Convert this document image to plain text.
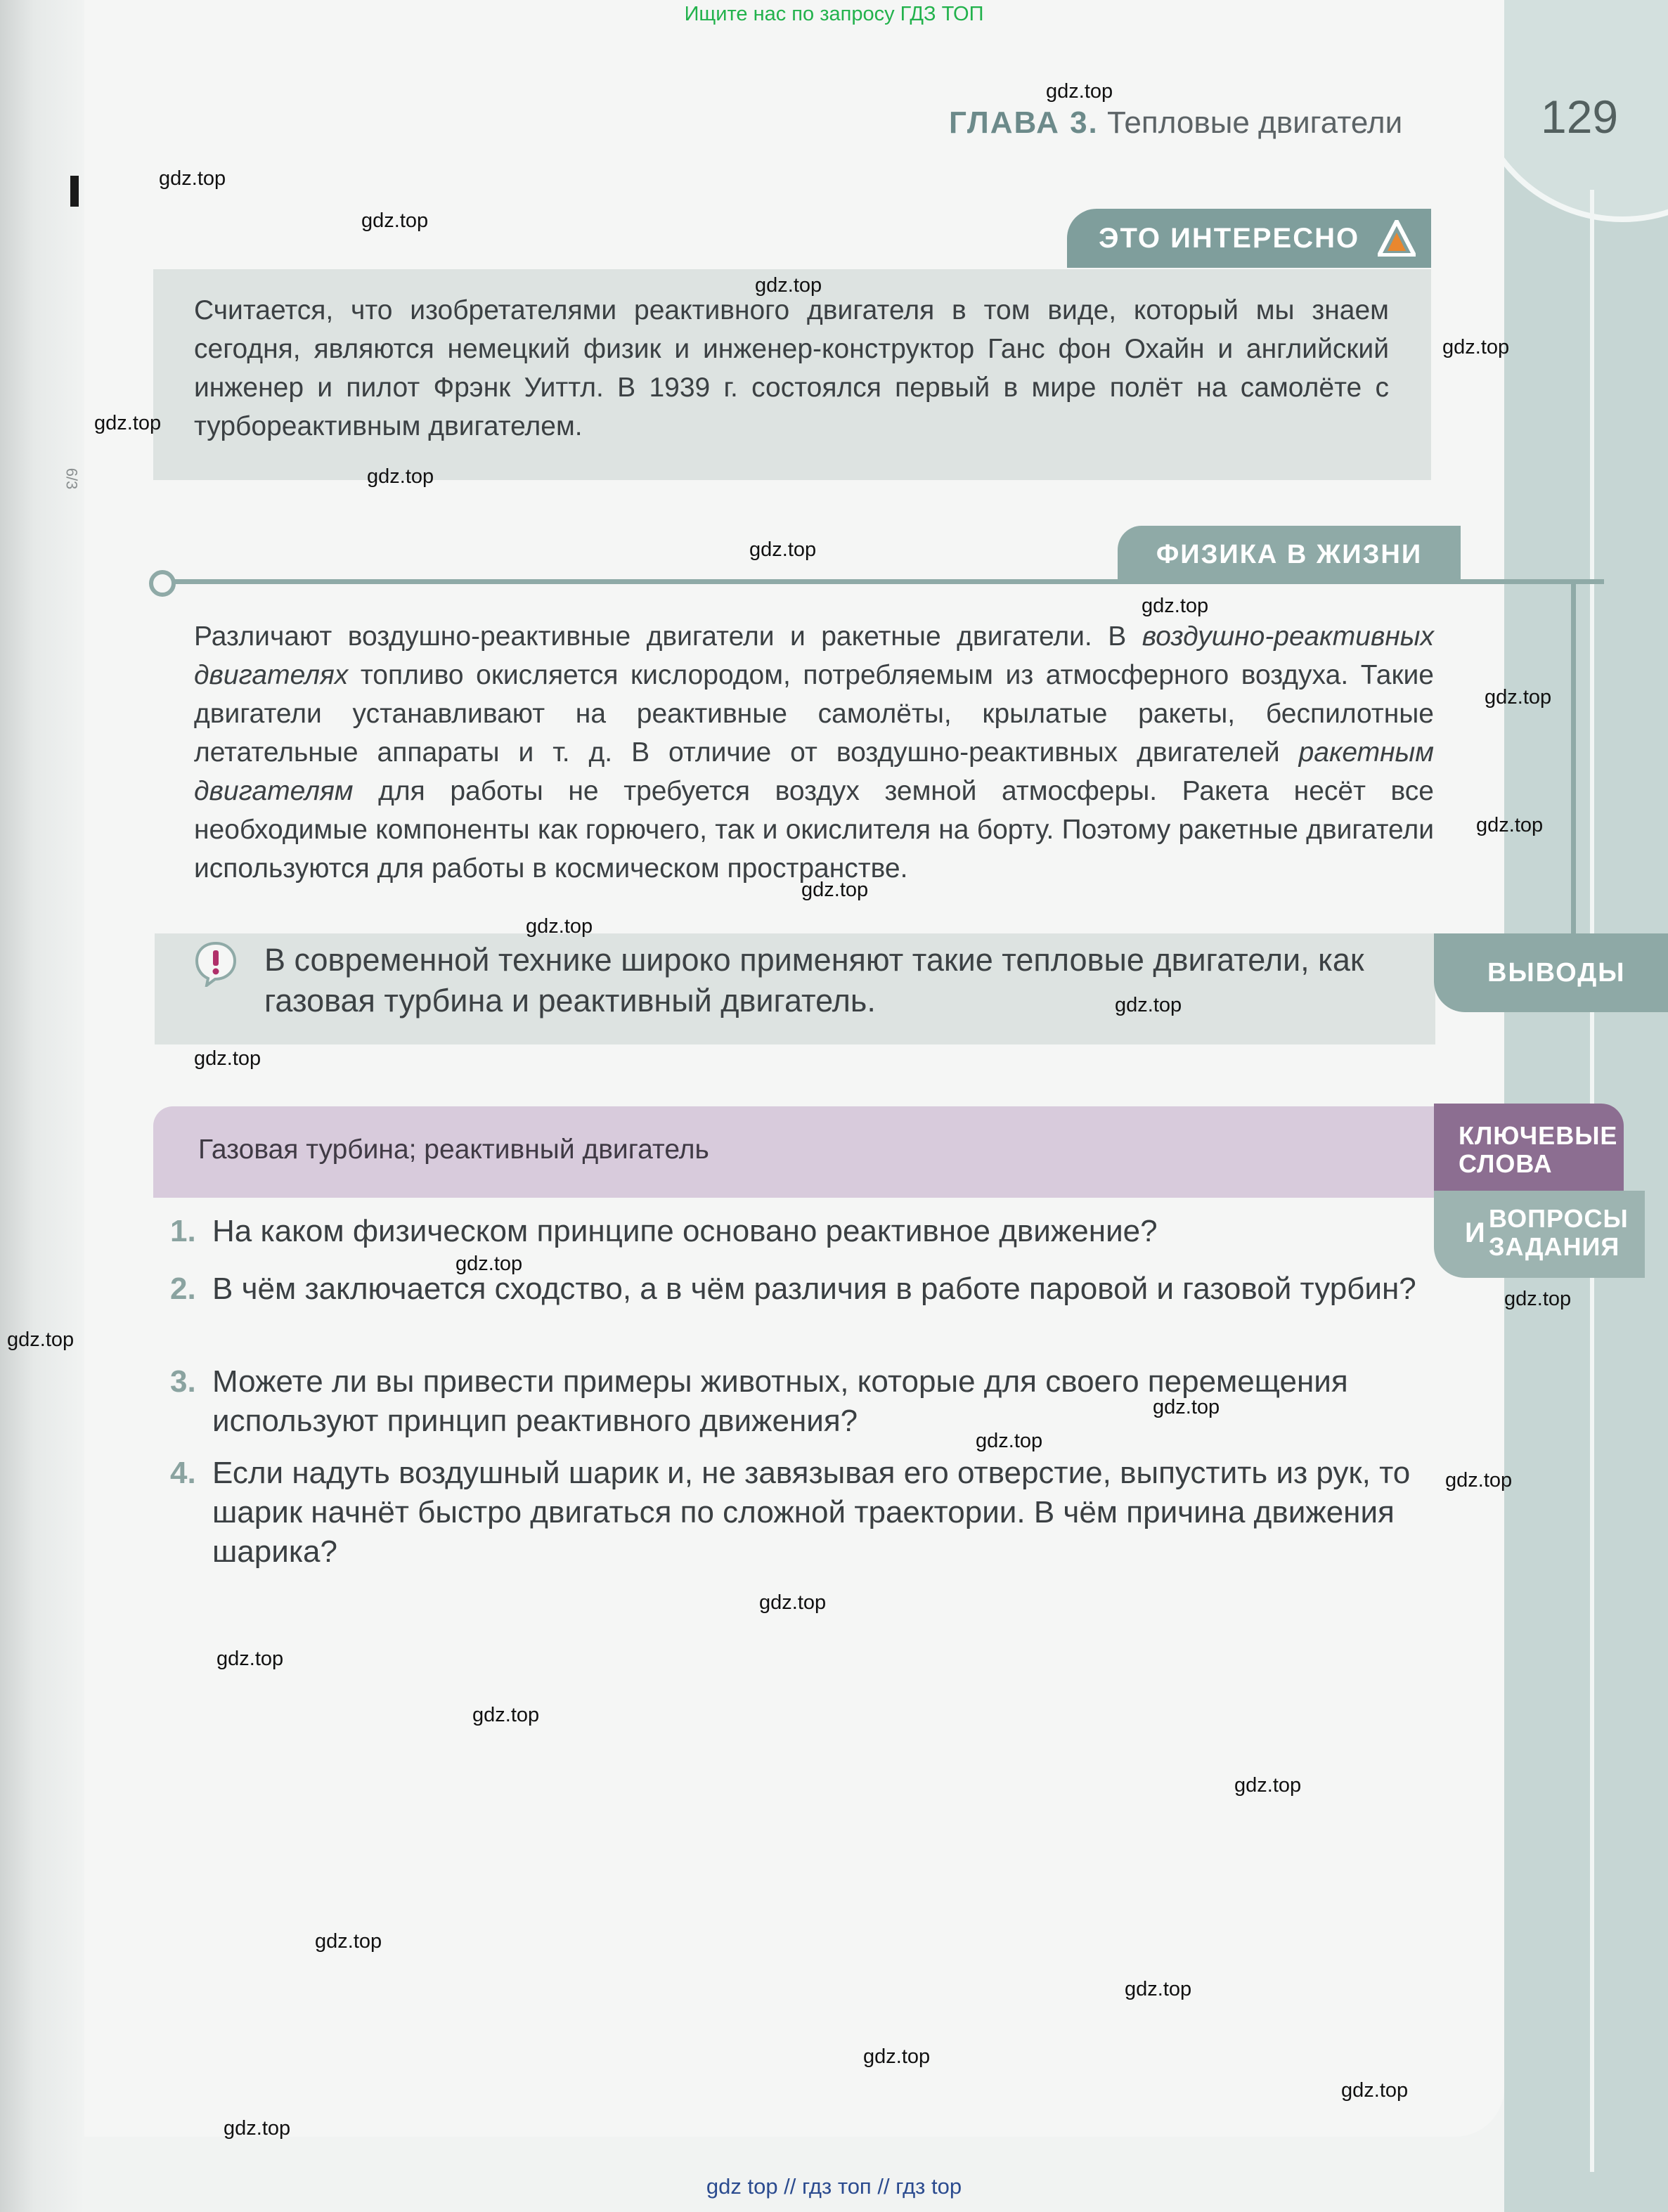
6/3
Ищите нас по запросу ГДЗ ТОП
ГЛАВА 3. Тепловые двигатели	129
ЭТО ИНТЕРЕСНО
Считается, что изобретателями реактивного двигателя в том виде, который мы знаем сегодня, являются немецкий физик и инженер-конструктор Ганс фон Охайн и английский инженер и пилот Фрэнк Уиттл. В 1939 г. состоялся первый в мире полёт на самолёте с турбореактивным двигателем.
ФИЗИКА В ЖИЗНИ
Различают воздушно-реактивные двигатели и ракетные двигатели. В воздушно-реактивных двигателях топливо окисляется кислородом, потребляемым из атмосферного воздуха. Такие двигатели устанавливают на реактивные самолёты, крылатые ракеты, беспилотные летательные аппараты и т. д. В отличие от воздушно-реактивных двигателей ракетным двигателям для работы не требуется воздух земной атмосферы. Ракета несёт все необходимые компоненты как горючего, так и окислителя на борту. Поэтому ракетные двигатели используются для работы в космическом пространстве.
В современной технике широко применяют такие тепловые двигатели, как газовая турбина и реактивный двигатель.
ВЫВОДЫ
Газовая турбина; реактивный двигатель	КЛЮЧЕВЫЕ
СЛОВА
И ВОПРОСЫ
ЗАДАНИЯ
1. На каком физическом принципе основано реактивное движение?
2. В чём заключается сходство, а в чём различия в работе паровой и газовой турбин?
3. Можете ли вы привести примеры животных, которые для своего перемещения используют принцип реактивного движения?
4. Если надуть воздушный шарик и, не завязывая его отверстие, выпустить из рук, то шарик начнёт быстро двигаться по сложной траектории. В чём причина движения шарика?
gdz.top
gdz.top
gdz.top
gdz.top
gdz.top
gdz.top
gdz.top
gdz.top
gdz.top
gdz.top
gdz.top
gdz.top
gdz.top
gdz.top
gdz.top
gdz.top
gdz.top
gdz.top
gdz.top
gdz.top
gdz.top
gdz.top
gdz.top
gdz.top
gdz.top
gdz.top
gdz.top
gdz.top
gdz.top
gdz.top
gdz top // гдз топ // гдз top
